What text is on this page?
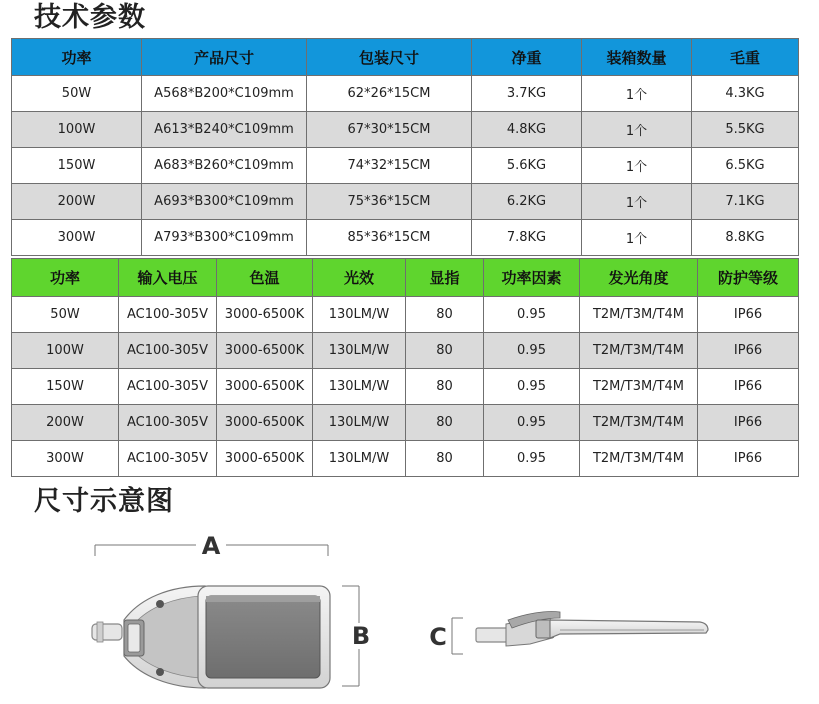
技术参数
功率	产品尺寸	包装尺寸	净重	装箱数量	毛重
50W	A568*B200*C109mm	62*26*15CM	3.7KG	1个	4.3KG
100W	A613*B240*C109mm	67*30*15CM	4.8KG	1个	5.5KG
150W	A683*B260*C109mm	74*32*15CM	5.6KG	1个	6.5KG
200W	A693*B300*C109mm	75*36*15CM	6.2KG	1个	7.1KG
300W	A793*B300*C109mm	85*36*15CM	7.8KG	1个	8.8KG
功率	输入电压	色温	光效	显指	功率因素	发光角度	防护等级
50W	AC100-305V	3000-6500K	130LM/W	80	0.95	T2M/T3M/T4M	IP66
100W	AC100-305V	3000-6500K	130LM/W	80	0.95	T2M/T3M/T4M	IP66
150W	AC100-305V	3000-6500K	130LM/W	80	0.95	T2M/T3M/T4M	IP66
200W	AC100-305V	3000-6500K	130LM/W	80	0.95	T2M/T3M/T4M	IP66
300W	AC100-305V	3000-6500K	130LM/W	80	0.95	T2M/T3M/T4M	IP66
尺寸示意图
A
B C
